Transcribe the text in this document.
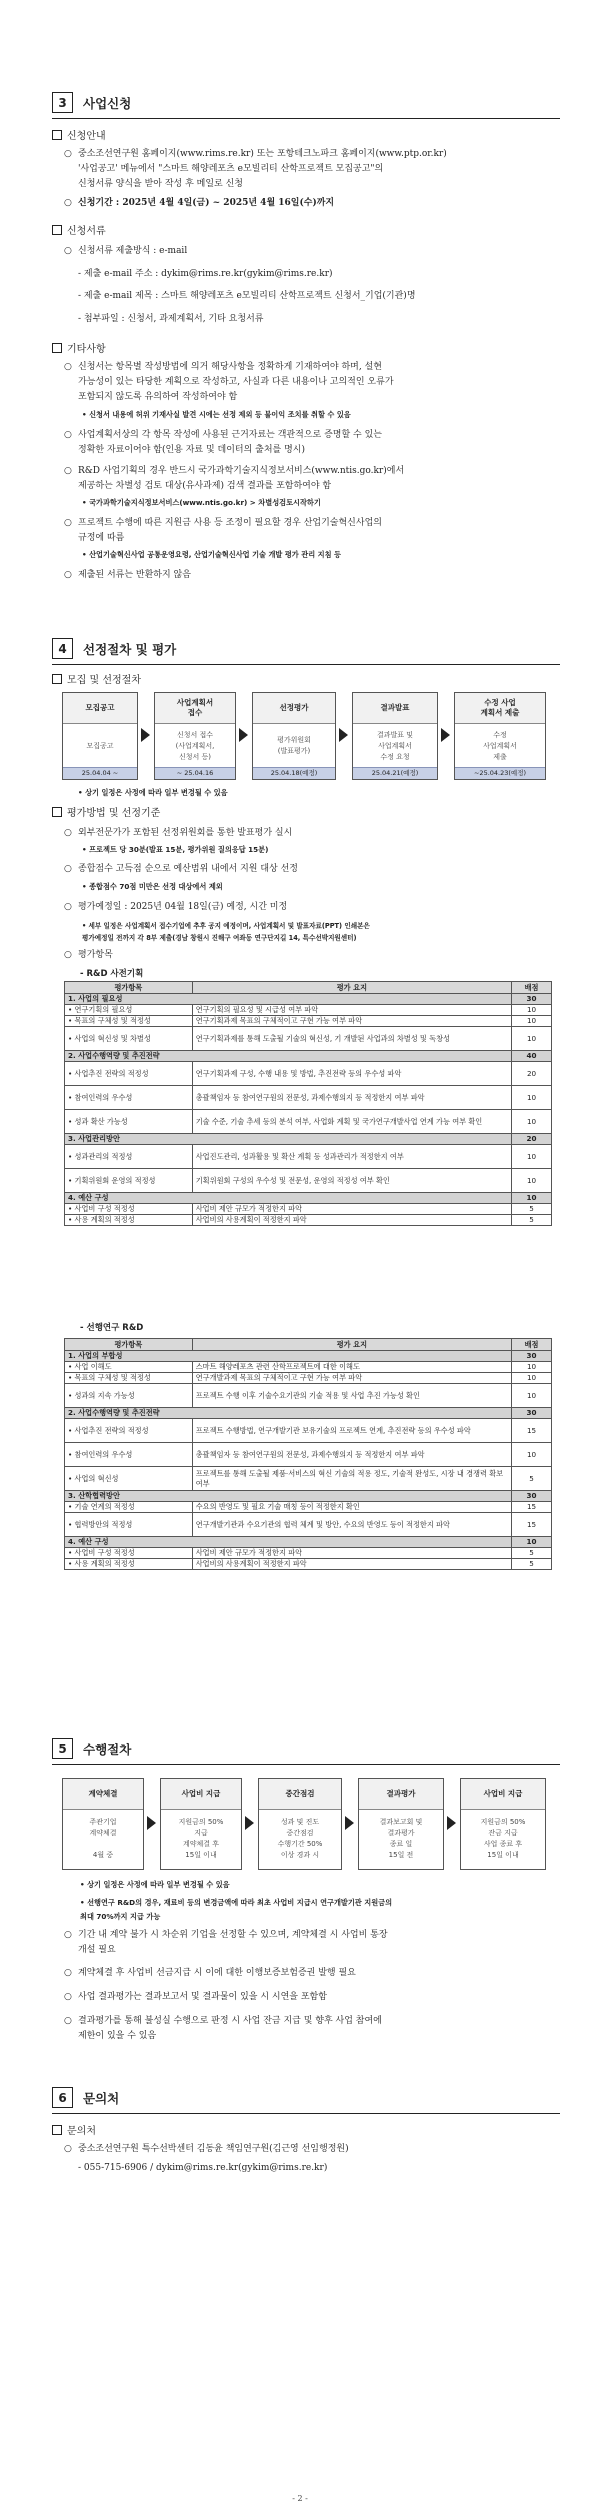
3	사업신청
신청안내
○ 중소조선연구원 홈페이지(www.rims.re.kr) 또는 포항테크노파크 홈페이지(www.ptp.or.kr)
'사업공고' 메뉴에서 "스마트 해양레포츠 e모빌리티 산학프로젝트 모집공고"의
신청서류 양식을 받아 작성 후 메일로 신청
○ 신청기간 : 2025년 4월 4일(금) ~ 2025년 4월 16일(수)까지
신청서류
○ 신청서류 제출방식 : e-mail
- 제출 e-mail 주소 : dykim@rims.re.kr(gykim@rims.re.kr)
- 제출 e-mail 제목 : 스마트 해양레포츠 e모빌리티 산학프로젝트 신청서_기업(기관)명
- 첨부파일 : 신청서, 과제계획서, 기타 요청서류
기타사항
○ 신청서는 항목별 작성방법에 의거 해당사항을 정확하게 기재하여야 하며, 설현
가능성이 있는 타당한 계획으로 작성하고, 사실과 다른 내용이나 고의적인 오류가
포함되지 않도록 유의하여 작성하여야 함
• 신청서 내용에 허위 기재사실 발견 시에는 선정 제외 등 불이익 조치를 취할 수 있음
○ 사업계획서상의 각 항목 작성에 사용된 근거자료는 객관적으로 증명할 수 있는
정확한 자료이어야 함(인용 자료 및 데이터의 출처를 명시)
○ R&D 사업기획의 경우 반드시 국가과학기술지식정보서비스(www.ntis.go.kr)에서
제공하는 차별성 검토 대상(유사과제) 검색 결과를 포함하여야 함
• 국가과학기술지식정보서비스(www.ntis.go.kr) > 차별성검토시작하기
○ 프로젝트 수행에 따른 지원금 사용 등 조정이 필요할 경우 산업기술혁신사업의
규정에 따름
• 산업기술혁신사업 공통운영요령, 산업기술혁신사업 기술 개발 평가 관리 지침 등
○ 제출된 서류는 반환하지 않음
4	선정절차 및 평가
모집 및 선정절차
모집공고
모집공고
25.04.04 ~
사업계획서
접수
신청서 접수
(사업계획서,
신청서 등)
~ 25.04.16
선정평가
평가위원회
(발표평가)
25.04.18(예정)
결과발표
결과발표 및
사업계획서
수정 요청
25.04.21(예정)
수정 사업
계획서 제출
수정
사업계획서
제출
~25.04.23(예정)
• 상기 일정은 사정에 따라 일부 변경될 수 있음
평가방법 및 선정기준
○ 외부전문가가 포함된 선정위원회를 통한 발표평가 실시
• 프로젝트 당 30분(발표 15분, 평가위원 질의응답 15분)
○ 종합점수 고득점 순으로 예산범위 내에서 지원 대상 선정
• 종합점수 70점 미만은 선정 대상에서 제외
○ 평가예정일 : 2025년 04월 18일(금) 예정, 시간 미정
• 세부 일정은 사업계획서 접수기업에 추후 공지 예정이며, 사업계획서 및 발표자료(PPT) 인쇄본은
평가예정일 전까지 각 8부 제출(경남 창원시 진해구 여좌동 연구단지길 14, 특수선박지원센터)
○ 평가항목
- R&D 사전기획
평가항목	평가 요지	배점
1. 사업의 필요성		30
• 연구기획의 필요성	연구기획의 필요성 및 시급성 여부 파악	10
• 목표의 구체성 및 적정성	연구기획과제 목표의 구체적이고 구현 가능 여부 파악	10
• 사업의 혁신성 및 차별성	연구기획과제를 통해 도출될 기술의 혁신성, 기 개발된 사업과의 차별성 및 독창성	10
2. 사업수행역량 및 추진전략		40
• 사업추진 전략의 적정성	연구기획과제 구성, 수행 내용 및 방법, 추진전략 등의 우수성 파악	20
• 참여인력의 우수성	총괄책임자 등 참여연구원의 전문성, 과제수행의지 등 적정한지 여부 파악	10
• 성과 확산 가능성	기술 수준, 기술 추세 등의 분석 여부, 사업화 계획 및 국가연구개발사업 연계 가능 여부 확인	10
3. 사업관리방안		20
• 성과관리의 적정성	사업진도관리, 성과활용 및 확산 계획 등 성과관리가 적정한지 여부	10
• 기획위원회 운영의 적정성	기획위원회 구성의 우수성 및 전문성, 운영의 적정성 여부 확인	10
4. 예산 구성		10
• 사업비 구성 적정성	사업비 제안 규모가 적정한지 파악	5
• 사용 계획의 적정성	사업비의 사용계획이 적정한지 파악	5
- 선행연구 R&D
평가항목	평가 요지	배점
1. 사업의 부합성		30
• 사업 이해도	스마트 해양레포츠 관련 산학프로젝트에 대한 이해도	10
• 목표의 구체성 및 적정성	연구개발과제 목표의 구체적이고 구현 가능 여부 파악	10
• 성과의 지속 가능성	프로젝트 수행 이후 기술수요기관의 기술 적용 및 사업 추진 가능성 확인	10
2. 사업수행역량 및 추진전략		30
• 사업추진 전략의 적정성	프로젝트 수행방법, 연구개발기관 보유기술의 프로젝트 연계, 추진전략 등의 우수성 파악	15
• 참여인력의 우수성	총괄책임자 등 참여연구원의 전문성, 과제수행의지 등 적정한지 여부 파악	10
• 사업의 혁신성	프로젝트를 통해 도출될 제품·서비스의 혁신 기술의 적용 정도, 기술적 완성도, 시장 내 경쟁력 확보 여부	5
3. 산학협력방안		30
• 기술 연계의 적정성	수요의 반영도 및 필요 기술 매칭 등이 적정한지 확인	15
• 협력방안의 적정성	연구개발기관과 수요기관의 협력 체계 및 방안, 수요의 반영도 등이 적정한지 파악	15
4. 예산 구성		10
• 사업비 구성 적정성	사업비 제안 규모가 적정한지 파악	5
• 사용 계획의 적정성	사업비의 사용계획이 적정한지 파악	5
5	수행절차
계약체결
주관기업
계약체결

4월 중
사업비 지급
지원금의 50%
지급
계약체결 후
15일 이내
중간점검
성과 및 진도
중간점검
수행기간 50%
이상 경과 시
결과평가
결과보고회 및
결과평가
종료 일
15일 전
사업비 지급
지원금의 50%
잔금 지급
사업 종료 후
15일 이내
• 상기 일정은 사정에 따라 일부 변경될 수 있음
• 선행연구 R&D의 경우, 재료비 등의 변경금액에 따라 최초 사업비 지급시 연구개발기관 지원금의
최대 70%까지 지급 가능
○ 기간 내 계약 불가 시 차순위 기업을 선정할 수 있으며, 계약체결 시 사업비 통장
개설 필요
○ 계약체결 후 사업비 선금지급 시 이에 대한 이행보증보험증권 발행 필요
○ 사업 결과평가는 결과보고서 및 결과물이 있을 시 시연을 포함함
○ 결과평가를 통해 불성실 수행으로 판정 시 사업 잔금 지급 및 향후 사업 참여에
제한이 있을 수 있음
6	문의처
문의처
○ 중소조선연구원 특수선박센터 김동윤 책임연구원(김근영 선임행정원)
- 055-715-6906 / dykim@rims.re.kr(gykim@rims.re.kr)
- 2 -
